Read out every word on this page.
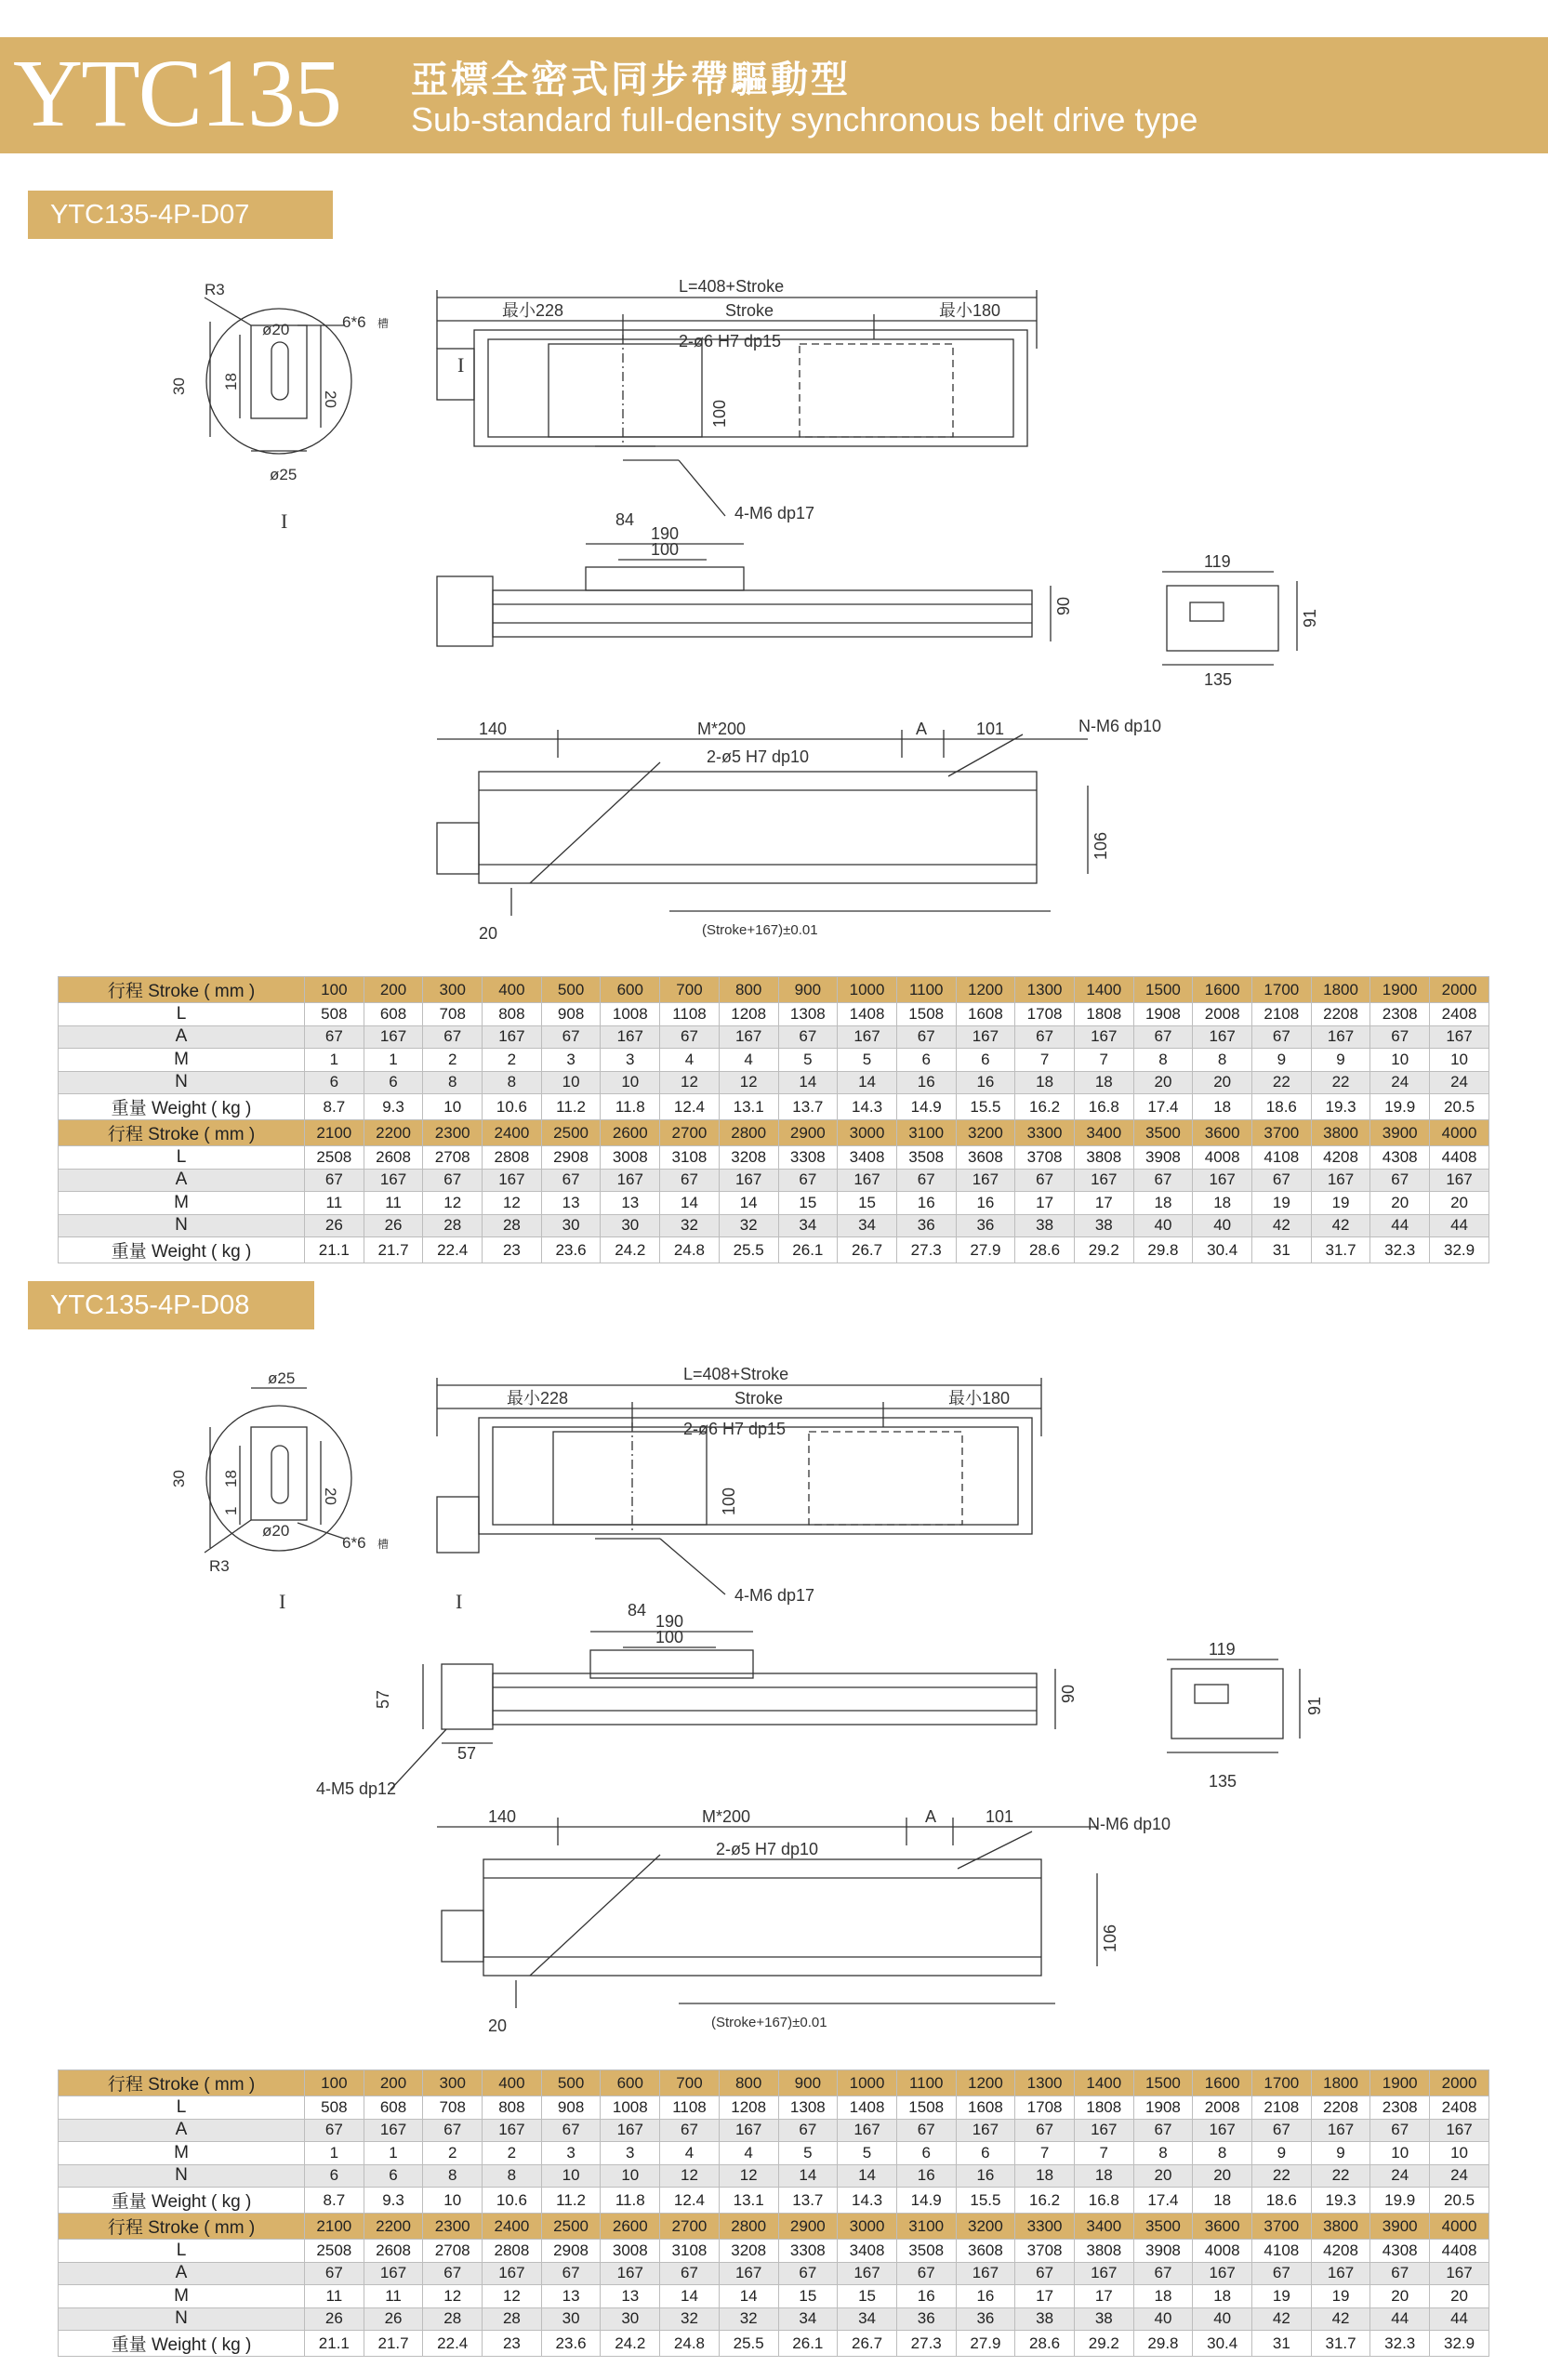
YTC135 亞標全密式同步帶驅動型
Sub-standard full-density synchronous belt drive type
YTC135-4P-D07
R3
ø20
ø25
6*6 槽
30 18
20
I
L=408+Stroke
最小228	Stroke	最小180
2-ø6 H7 dp15
100
84	4-M6 dp17
I
190
100
90
119
91
135
140	M*200	A	101	N-M6 dp10
2-ø5 H7 dp10
106
20	(Stroke+167)±0.01
行程 Stroke ( mm )	100	200	300	400	500	600	700	800	900	1000	1100	1200	1300	1400	1500	1600	1700	1800	1900	2000
L	508	608	708	808	908	1008	1108	1208	1308	1408	1508	1608	1708	1808	1908	2008	2108	2208	2308	2408
A	67	167	67	167	67	167	67	167	67	167	67	167	67	167	67	167	67	167	67	167
M	1	1	2	2	3	3	4	4	5	5	6	6	7	7	8	8	9	9	10	10
N	6	6	8	8	10	10	12	12	14	14	16	16	18	18	20	20	22	22	24	24
重量 Weight ( kg )	8.7	9.3	10	10.6	11.2	11.8	12.4	13.1	13.7	14.3	14.9	15.5	16.2	16.8	17.4	18	18.6	19.3	19.9	20.5
行程 Stroke ( mm )	2100	2200	2300	2400	2500	2600	2700	2800	2900	3000	3100	3200	3300	3400	3500	3600	3700	3800	3900	4000
L	2508	2608	2708	2808	2908	3008	3108	3208	3308	3408	3508	3608	3708	3808	3908	4008	4108	4208	4308	4408
A	67	167	67	167	67	167	67	167	67	167	67	167	67	167	67	167	67	167	67	167
M	11	11	12	12	13	13	14	14	15	15	16	16	17	17	18	18	19	19	20	20
N	26	26	28	28	30	30	32	32	34	34	36	36	38	38	40	40	42	42	44	44
重量 Weight ( kg )	21.1	21.7	22.4	23	23.6	24.2	24.8	25.5	26.1	26.7	27.3	27.9	28.6	29.2	29.8	30.4	31	31.7	32.3	32.9
YTC135-4P-D08
ø25
ø20
R3
6*6 槽
30 18
20
1
I
L=408+Stroke
最小228	Stroke	最小180
2-ø6 H7 dp15
100
84
4-M6 dp17
I
190
100
90
57
57
4-M5 dp12
119
91
135
140	M*200	A	101	N-M6 dp10
2-ø5 H7 dp10
106
20	(Stroke+167)±0.01
行程 Stroke ( mm )	100	200	300	400	500	600	700	800	900	1000	1100	1200	1300	1400	1500	1600	1700	1800	1900	2000
L	508	608	708	808	908	1008	1108	1208	1308	1408	1508	1608	1708	1808	1908	2008	2108	2208	2308	2408
A	67	167	67	167	67	167	67	167	67	167	67	167	67	167	67	167	67	167	67	167
M	1	1	2	2	3	3	4	4	5	5	6	6	7	7	8	8	9	9	10	10
N	6	6	8	8	10	10	12	12	14	14	16	16	18	18	20	20	22	22	24	24
重量 Weight ( kg )	8.7	9.3	10	10.6	11.2	11.8	12.4	13.1	13.7	14.3	14.9	15.5	16.2	16.8	17.4	18	18.6	19.3	19.9	20.5
行程 Stroke ( mm )	2100	2200	2300	2400	2500	2600	2700	2800	2900	3000	3100	3200	3300	3400	3500	3600	3700	3800	3900	4000
L	2508	2608	2708	2808	2908	3008	3108	3208	3308	3408	3508	3608	3708	3808	3908	4008	4108	4208	4308	4408
A	67	167	67	167	67	167	67	167	67	167	67	167	67	167	67	167	67	167	67	167
M	11	11	12	12	13	13	14	14	15	15	16	16	17	17	18	18	19	19	20	20
N	26	26	28	28	30	30	32	32	34	34	36	36	38	38	40	40	42	42	44	44
重量 Weight ( kg )	21.1	21.7	22.4	23	23.6	24.2	24.8	25.5	26.1	26.7	27.3	27.9	28.6	29.2	29.8	30.4	31	31.7	32.3	32.9
